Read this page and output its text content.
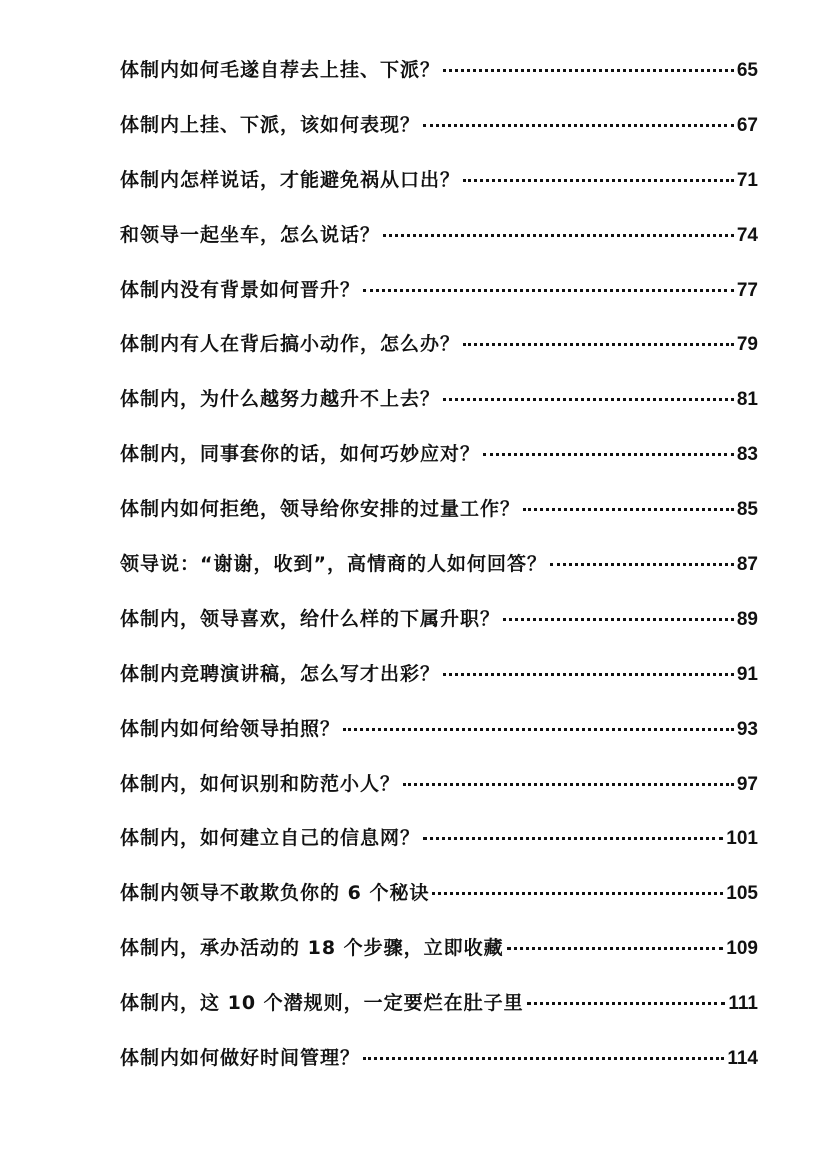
体制内如何毛遂自荐去上挂、下派？	65
体制内上挂、下派，该如何表现？	67
体制内怎样说话，才能避免祸从口出？	71
和领导一起坐车，怎么说话？	74
体制内没有背景如何晋升？	77
体制内有人在背后搞小动作，怎么办？	79
体制内，为什么越努力越升不上去？	81
体制内，同事套你的话，如何巧妙应对？	83
体制内如何拒绝，领导给你安排的过量工作？	85
领导说：“谢谢，收到”，高情商的人如何回答？	87
体制内，领导喜欢，给什么样的下属升职？	89
体制内竞聘演讲稿，怎么写才出彩？	91
体制内如何给领导拍照？	93
体制内，如何识别和防范小人？	97
体制内，如何建立自己的信息网？	101
体制内领导不敢欺负你的 6 个秘诀	105
体制内，承办活动的 18 个步骤，立即收藏	109
体制内，这 10 个潜规则，一定要烂在肚子里	111
体制内如何做好时间管理？	114
